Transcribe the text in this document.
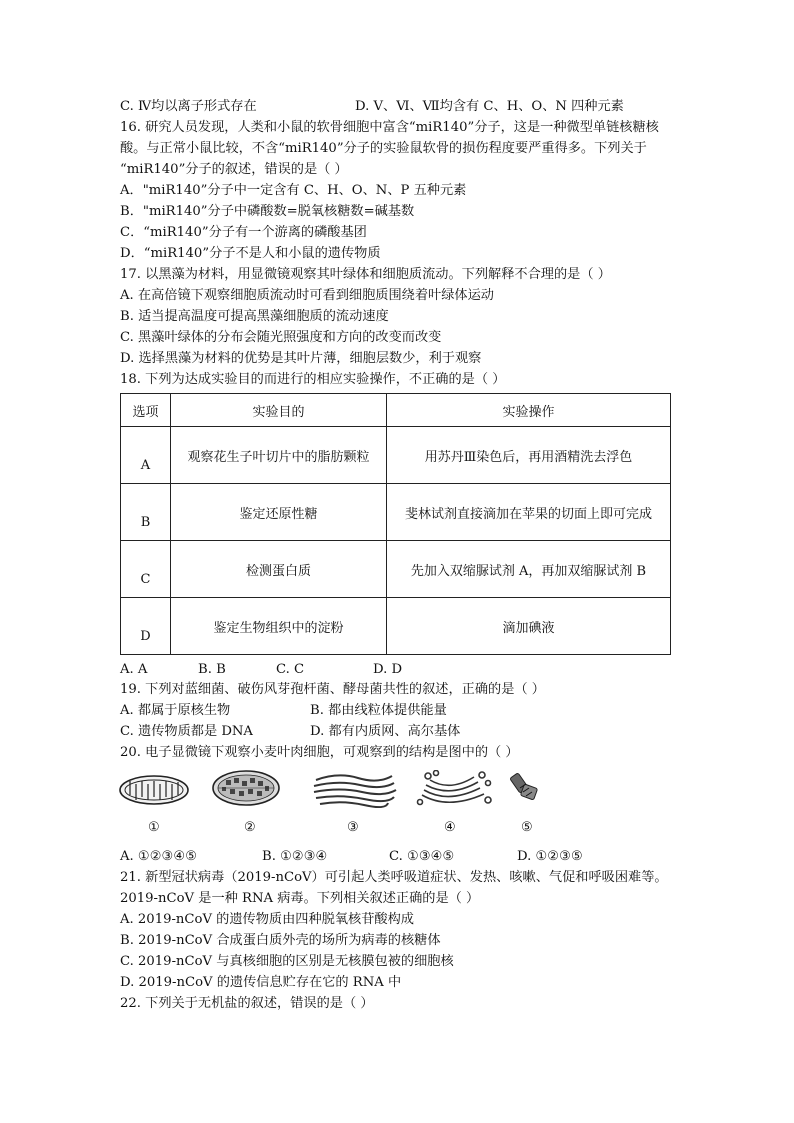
C. Ⅳ均以离子形式存在	D. Ⅴ、Ⅵ、Ⅶ均含有 C、H、O、N 四种元素
16. 研究人员发现，人类和小鼠的软骨细胞中富含“miR140”分子，这是一种微型单链核糖核
酸。与正常小鼠比较，不含“miR140”分子的实验鼠软骨的损伤程度要严重得多。下列关于
“miR140”分子的叙述，错误的是（ ）
A．"miR140”分子中一定含有 C、H、O、N、P 五种元素
B．"miR140”分子中磷酸数=脱氧核糖数=碱基数
C．“miR140”分子有一个游离的磷酸基团
D．“miR140”分子不是人和小鼠的遗传物质
17. 以黑藻为材料，用显微镜观察其叶绿体和细胞质流动。下列解释不合理的是（ ）
A. 在高倍镜下观察细胞质流动时可看到细胞质围绕着叶绿体运动
B. 适当提高温度可提高黑藻细胞质的流动速度
C. 黑藻叶绿体的分布会随光照强度和方向的改变而改变
D. 选择黑藻为材料的优势是其叶片薄，细胞层数少，利于观察
18. 下列为达成实验目的而进行的相应实验操作，不正确的是（ ）
选项	实验目的	实验操作
A	观察花生子叶切片中的脂肪颗粒	用苏丹Ⅲ染色后，再用酒精洗去浮色
B	鉴定还原性糖	斐林试剂直接滴加在苹果的切面上即可完成
C	检测蛋白质	先加入双缩脲试剂 A，再加双缩脲试剂 B
D	鉴定生物组织中的淀粉	滴加碘液
A. A	B. B	C. C	D. D
19. 下列对蓝细菌、破伤风芽孢杆菌、酵母菌共性的叙述，正确的是（ ）
A. 都属于原核生物	B. 都由线粒体提供能量
C. 遗传物质都是 DNA	D. 都有内质网、高尔基体
20. 电子显微镜下观察小麦叶肉细胞，可观察到的结构是图中的（ ）
①	②	③	④	⑤
A. ①②③④⑤	B. ①②③④	C. ①③④⑤	D. ①②③⑤
21. 新型冠状病毒（2019-nCoV）可引起人类呼吸道症状、发热、咳嗽、气促和呼吸困难等。
2019-nCoV 是一种 RNA 病毒。下列相关叙述正确的是（ ）
A. 2019-nCoV 的遗传物质由四种脱氧核苷酸构成
B. 2019-nCoV 合成蛋白质外壳的场所为病毒的核糖体
C. 2019-nCoV 与真核细胞的区别是无核膜包被的细胞核
D. 2019-nCoV 的遗传信息贮存在它的 RNA 中
22. 下列关于无机盐的叙述，错误的是（ ）
